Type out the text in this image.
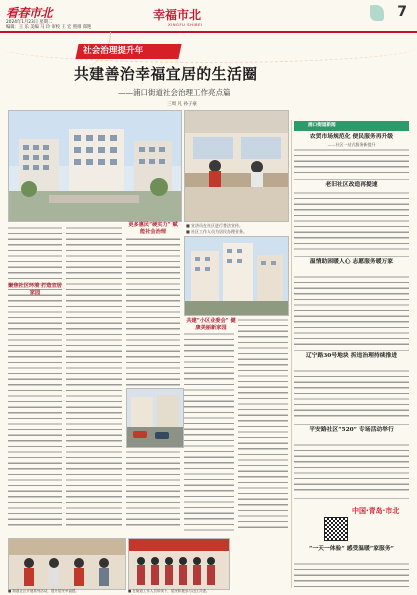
看春市北
2024年1月23日 星期二
编辑：王 乐 美编 马 玲 审校 王 宏 照排 郑艳
幸福市北
XINGFU SHIBEI
7
社会治理提升年
共建善治幸福宜居的生活圈
——浦口街道社会治理工作亮点篇
三周 凡 孙子豪
■ 宣讲员在社区进行普法宣传。
■ 社区工作人员为居民办理业务。
聚焦社区环境 打造宜居家园
更多惠民“硬实力” 赋能社会治理
共建“小区业委会” 健康美丽新家园
■ 街道社区开展系列活动，提升居民幸福感。	■ 在街道工作人员带领下，居民积极参与社区共建。
浦口街道新闻
农贸市场规范化 便民服务再升级
——社区一站式服务新提升
老旧社区改造再提速
温情助困暖人心 志愿服务暖万家
辽宁路30号地块 拆违治理持续推进
平安路社区“520” 专场活动举行
中国·青岛·市北
“一天一体验” 感受温暖“家服务”
